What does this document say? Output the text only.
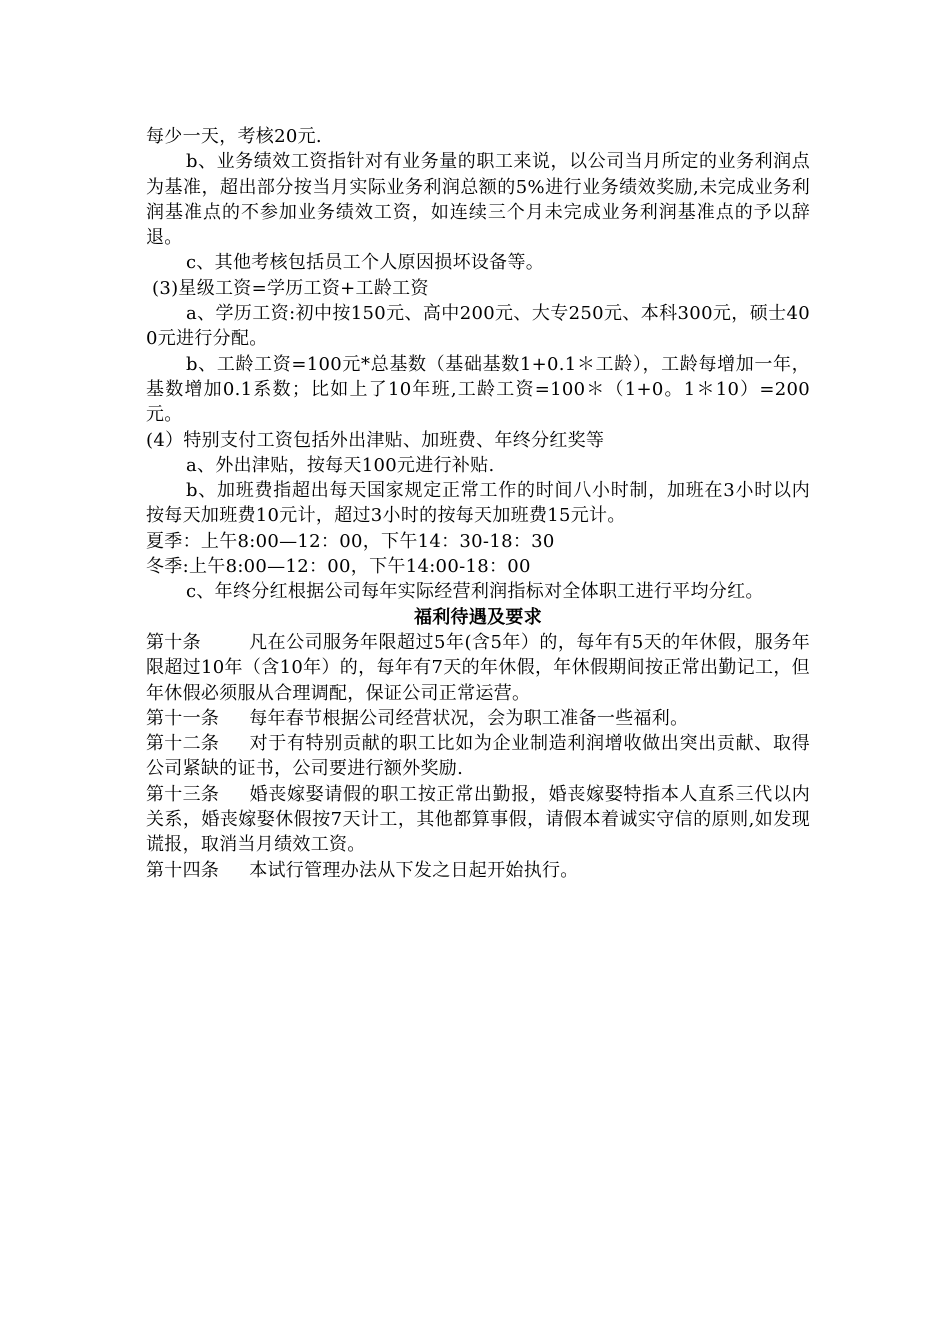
每少一天，考核20元.

b、业务绩效工资指针对有业务量的职工来说，以公司当月所定的业务利润点为基准，超出部分按当月实际业务利润总额的5%进行业务绩效奖励,未完成业务利润基准点的不参加业务绩效工资，如连续三个月未完成业务利润基准点的予以辞退。

c、其他考核包括员工个人原因损坏设备等。

(3)星级工资=学历工资+工龄工资

a、学历工资:初中按150元、高中200元、大专250元、本科300元，硕士400元进行分配。

b、工龄工资=100元*总基数（基础基数1+0.1＊工龄），工龄每增加一年，基数增加0.1系数；比如上了10年班,工龄工资=100＊（1+0。1＊10）=200元。

(4）特别支付工资包括外出津贴、加班费、年终分红奖等

a、外出津贴，按每天100元进行补贴.

b、加班费指超出每天国家规定正常工作的时间八小时制，加班在3小时以内按每天加班费10元计，超过3小时的按每天加班费15元计。

夏季：上午8:00—12：00，下午14：30-18：30

冬季:上午8:00—12：00，下午14:00-18：00

c、年终分红根据公司每年实际经营利润指标对全体职工进行平均分红。

福利待遇及要求

第十条	凡在公司服务年限超过5年(含5年）的，每年有5天的年休假，服务年限超过10年（含10年）的，每年有7天的年休假，年休假期间按正常出勤记工，但年休假必须服从合理调配，保证公司正常运营。

第十一条 每年春节根据公司经营状况，会为职工准备一些福利。

第十二条 对于有特别贡献的职工比如为企业制造利润增收做出突出贡献、取得公司紧缺的证书，公司要进行额外奖励.

第十三条 婚丧嫁娶请假的职工按正常出勤报，婚丧嫁娶特指本人直系三代以内关系，婚丧嫁娶休假按7天计工，其他都算事假，请假本着诚实守信的原则,如发现谎报，取消当月绩效工资。

第十四条 本试行管理办法从下发之日起开始执行。
